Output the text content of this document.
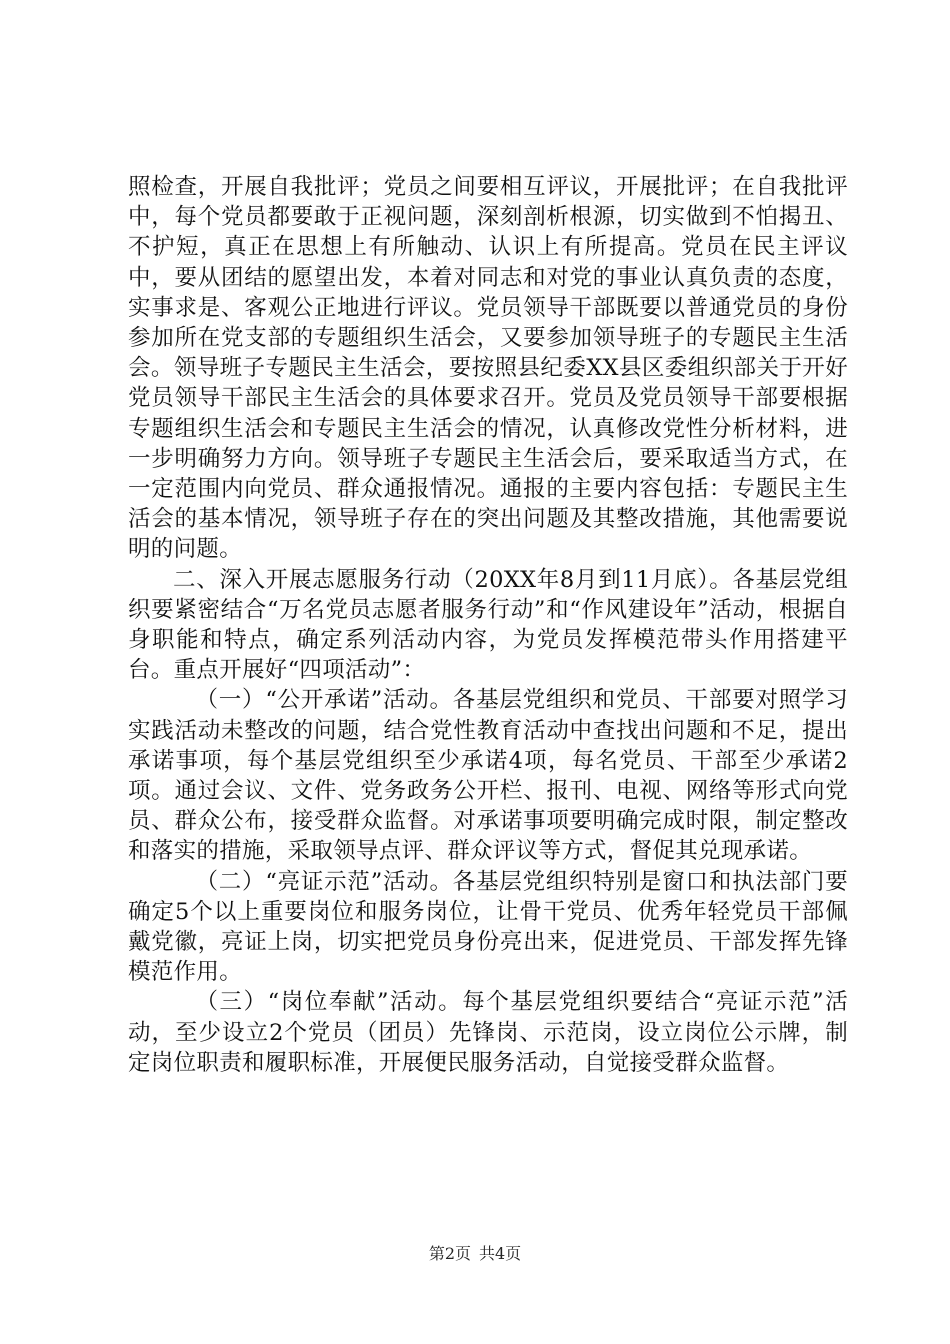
照检查，开展自我批评；党员之间要相互评议，开展批评；在自我批评中，每个党员都要敢于正视问题，深刻剖析根源，切实做到不怕揭丑、不护短，真正在思想上有所触动、认识上有所提高。党员在民主评议中，要从团结的愿望出发，本着对同志和对党的事业认真负责的态度，实事求是、客观公正地进行评议。党员领导干部既要以普通党员的身份参加所在党支部的专题组织生活会，又要参加领导班子的专题民主生活会。领导班子专题民主生活会，要按照县纪委XX县区委组织部关于开好党员领导干部民主生活会的具体要求召开。党员及党员领导干部要根据专题组织生活会和专题民主生活会的情况，认真修改党性分析材料，进一步明确努力方向。领导班子专题民主生活会后，要采取适当方式，在一定范围内向党员、群众通报情况。通报的主要内容包括：专题民主生活会的基本情况，领导班子存在的突出问题及其整改措施，其他需要说明的问题。

二、深入开展志愿服务行动（20XX年8月到11月底）。各基层党组织要紧密结合“万名党员志愿者服务行动”和“作风建设年”活动，根据自身职能和特点，确定系列活动内容，为党员发挥模范带头作用搭建平台。重点开展好“四项活动”：

（一）“公开承诺”活动。各基层党组织和党员、干部要对照学习实践活动未整改的问题，结合党性教育活动中查找出问题和不足，提出承诺事项，每个基层党组织至少承诺4项，每名党员、干部至少承诺2项。通过会议、文件、党务政务公开栏、报刊、电视、网络等形式向党员、群众公布，接受群众监督。对承诺事项要明确完成时限，制定整改和落实的措施，采取领导点评、群众评议等方式，督促其兑现承诺。

（二）“亮证示范”活动。各基层党组织特别是窗口和执法部门要确定5个以上重要岗位和服务岗位，让骨干党员、优秀年轻党员干部佩戴党徽，亮证上岗，切实把党员身份亮出来，促进党员、干部发挥先锋模范作用。

（三）“岗位奉献”活动。每个基层党组织要结合“亮证示范”活动，至少设立2个党员（团员）先锋岗、示范岗，设立岗位公示牌，制定岗位职责和履职标准，开展便民服务活动，自觉接受群众监督。

第2页 共4页
